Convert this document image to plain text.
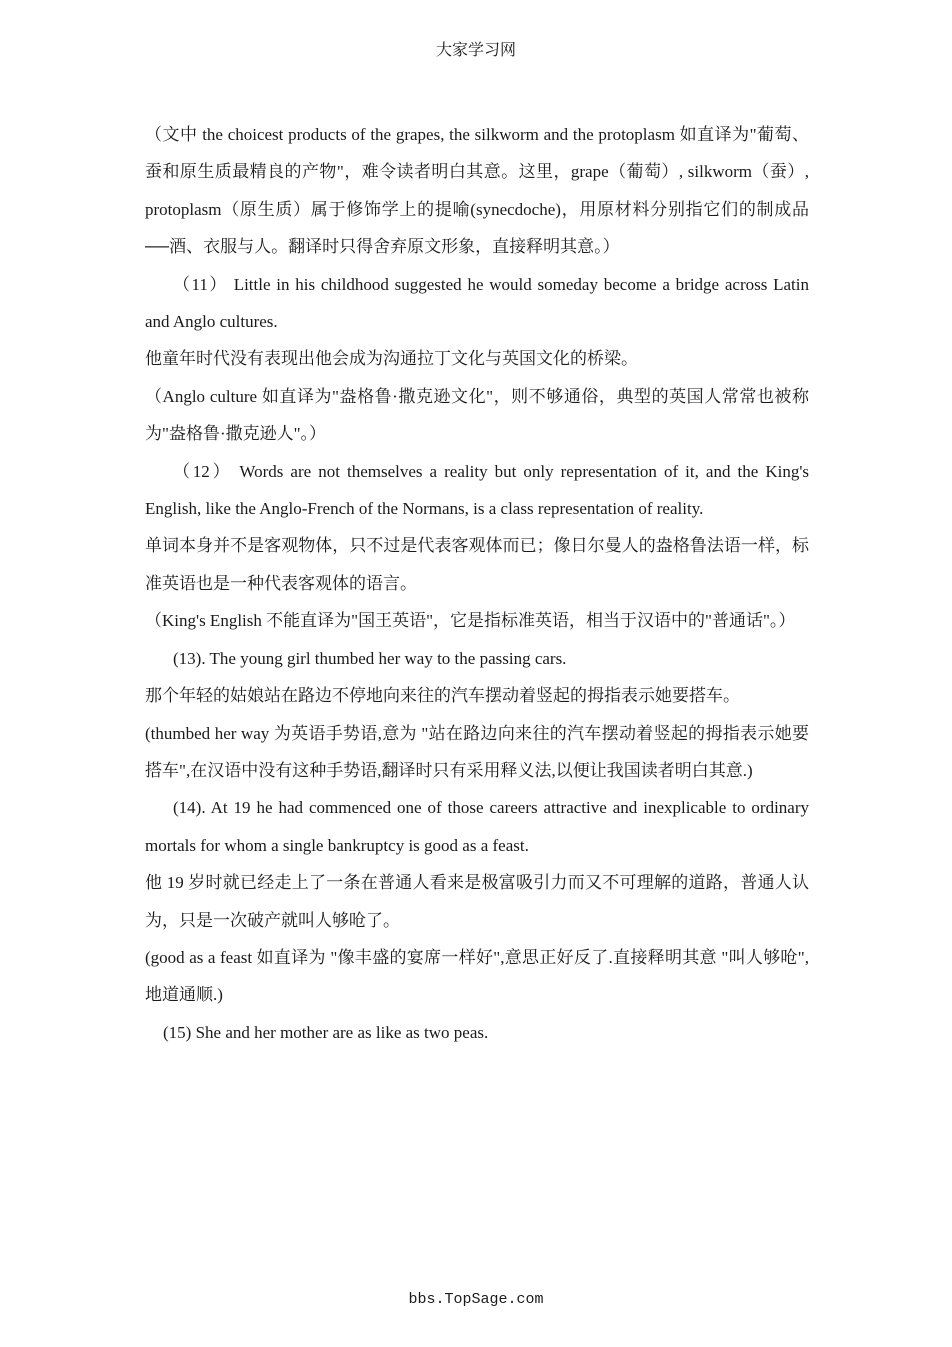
大家学习网

（文中 the choicest products of the grapes, the silkworm and the protoplasm 如直译为"葡萄、蚕和原生质最精良的产物"，难令读者明白其意。这里，grape（葡萄）, silkworm（蚕）, protoplasm（原生质）属于修饰学上的提喻(synecdoche)，用原材料分别指它们的制成品──酒、衣服与人。翻译时只得舍弃原文形象，直接释明其意。）

（11） Little in his childhood suggested he would someday become a bridge across Latin and Anglo cultures.

他童年时代没有表现出他会成为沟通拉丁文化与英国文化的桥梁。

（Anglo culture 如直译为"盎格鲁·撒克逊文化"，则不够通俗，典型的英国人常常也被称为"盎格鲁·撒克逊人"。）

（12） Words are not themselves a reality but only representation of it, and the King's English, like the Anglo-French of the Normans, is a class representation of reality.

单词本身并不是客观物体，只不过是代表客观体而已；像日尔曼人的盎格鲁法语一样，标准英语也是一种代表客观体的语言。

（King's English 不能直译为"国王英语"，它是指标准英语，相当于汉语中的"普通话"。）

(13). The young girl thumbed her way to the passing cars.

那个年轻的姑娘站在路边不停地向来往的汽车摆动着竖起的拇指表示她要搭车。

(thumbed her way 为英语手势语,意为 "站在路边向来往的汽车摆动着竖起的拇指表示她要搭车",在汉语中没有这种手势语,翻译时只有采用释义法,以便让我国读者明白其意.)

(14). At 19 he had commenced one of those careers attractive and inexplicable to ordinary mortals for whom a single bankruptcy is good as a feast.

他 19 岁时就已经走上了一条在普通人看来是极富吸引力而又不可理解的道路，普通人认为，只是一次破产就叫人够呛了。

(good as a feast 如直译为 "像丰盛的宴席一样好",意思正好反了.直接释明其意 "叫人够呛",地道通顺.)

(15) She and her mother are as like as two peas.

bbs.TopSage.com
